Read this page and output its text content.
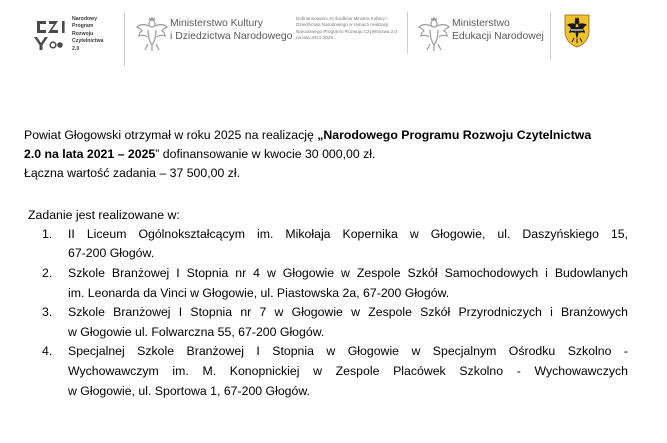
Narodowy
Program
Rozwoju
Czytelnictwa
2.0
Ministerstwo Kultury
i Dziedzictwa Narodowego
Dofinansowano ze środków Ministra Kultury i Dziedzictwa Narodowego w ramach realizacji Narodowego Programu Rozwoju Czytelnictwa 2.0 na lata 2021-2025
Ministerstwo
Edukacji Narodowej

Powiat Głogowski otrzymał w roku 2025 na realizację „Narodowego Programu Rozwoju Czytelnictwa

2.0 na lata 2021 – 2025” dofinansowanie w kwocie 30 000,00 zł.

Łączna wartość zadania – 37 500,00 zł.

Zadanie jest realizowane w:

1. II Liceum Ogólnokształcącym im. Mikołaja Kopernika w Głogowie, ul. Daszyńskiego 15,
67-200 Głogów.
2. Szkole Branżowej I Stopnia nr 4 w Głogowie w Zespole Szkół Samochodowych i Budowlanych
im. Leonarda da Vinci w Głogowie, ul. Piastowska 2a, 67-200 Głogów.
3. Szkole Branżowej I Stopnia nr 7 w Głogowie w Zespole Szkół Przyrodniczych i Branżowych
w Głogowie ul. Folwarczna 55, 67-200 Głogów.
4. Specjalnej Szkole Branżowej I Stopnia w Głogowie w Specjalnym Ośrodku Szkolno -
Wychowawczym im. M. Konopnickiej w Zespole Placówek Szkolno - Wychowawczych
w Głogowie, ul. Sportowa 1, 67-200 Głogów.
